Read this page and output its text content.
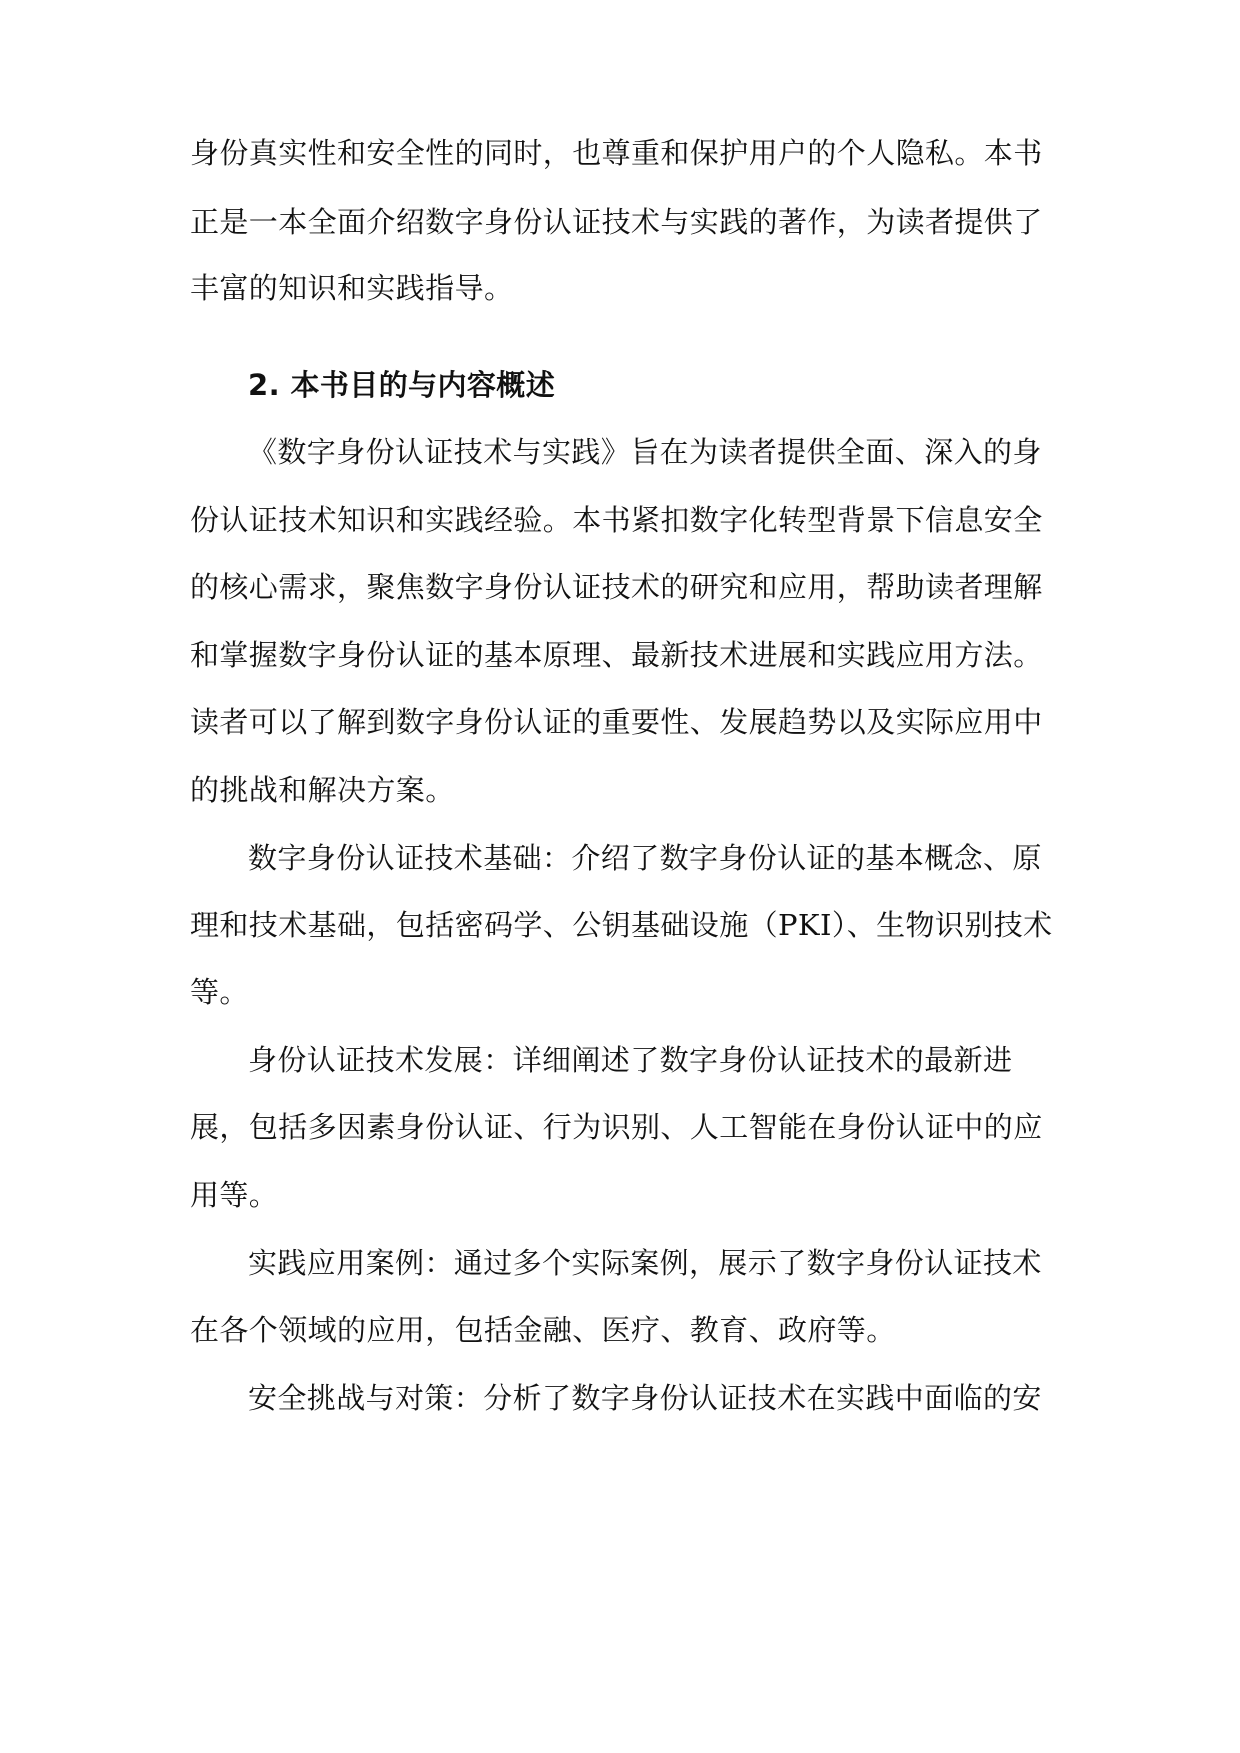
身份真实性和安全性的同时，也尊重和保护用户的个人隐私。本书
正是一本全面介绍数字身份认证技术与实践的著作，为读者提供了
丰富的知识和实践指导。
2. 本书目的与内容概述
《数字身份认证技术与实践》旨在为读者提供全面、深入的身
份认证技术知识和实践经验。本书紧扣数字化转型背景下信息安全
的核心需求，聚焦数字身份认证技术的研究和应用，帮助读者理解
和掌握数字身份认证的基本原理、最新技术进展和实践应用方法。
读者可以了解到数字身份认证的重要性、发展趋势以及实际应用中
的挑战和解决方案。
数字身份认证技术基础：介绍了数字身份认证的基本概念、原
理和技术基础，包括密码学、公钥基础设施（PKI）、生物识别技术
等。
身份认证技术发展：详细阐述了数字身份认证技术的最新进
展，包括多因素身份认证、行为识别、人工智能在身份认证中的应
用等。
实践应用案例：通过多个实际案例，展示了数字身份认证技术
在各个领域的应用，包括金融、医疗、教育、政府等。
安全挑战与对策：分析了数字身份认证技术在实践中面临的安
